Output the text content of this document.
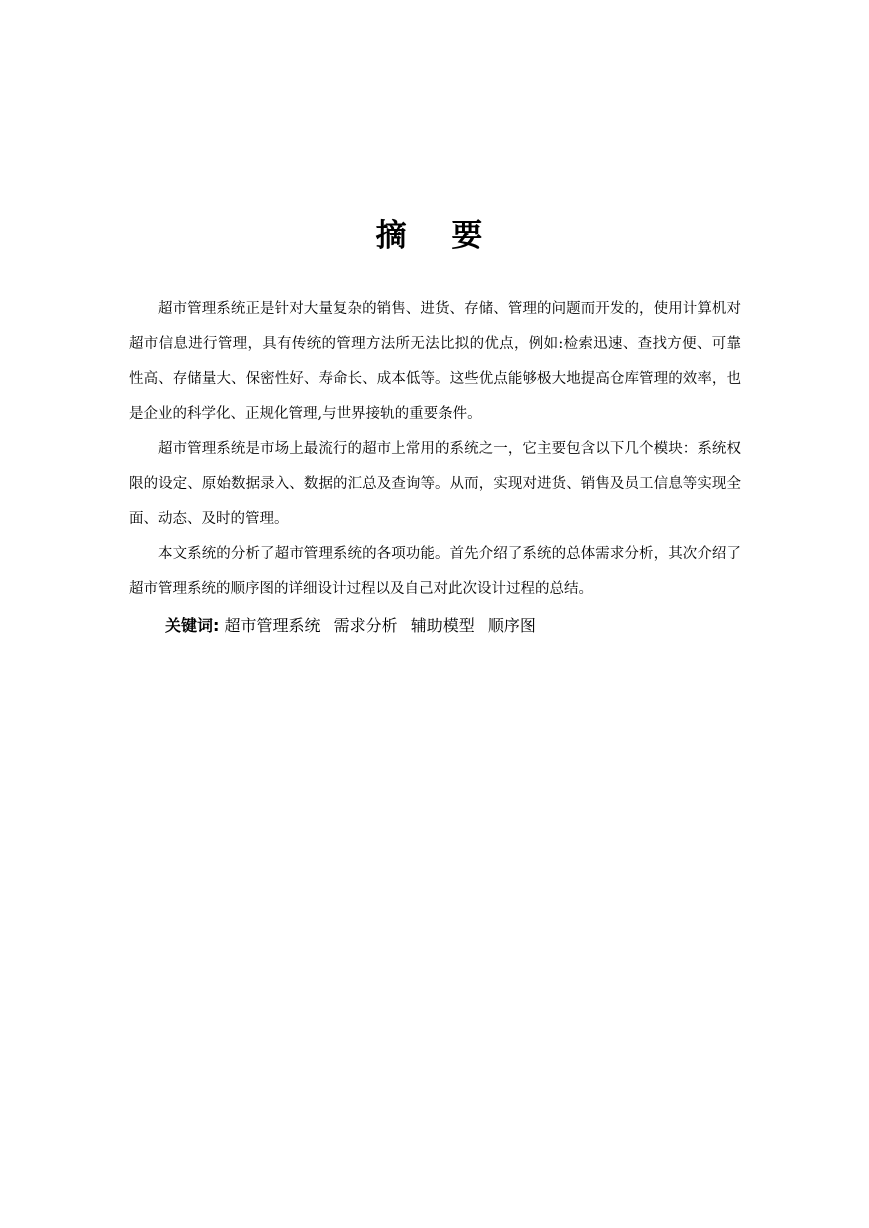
摘 要

超市管理系统正是针对大量复杂的销售、进货、存储、管理的问题而开发的，使用计算机对超市信息进行管理，具有传统的管理方法所无法比拟的优点，例如:检索迅速、查找方便、可靠性高、存储量大、保密性好、寿命长、成本低等。这些优点能够极大地提高仓库管理的效率，也是企业的科学化、正规化管理,与世界接轨的重要条件。

超市管理系统是市场上最流行的超市上常用的系统之一，它主要包含以下几个模块：系统权限的设定、原始数据录入、数据的汇总及查询等。从而，实现对进货、销售及员工信息等实现全面、动态、及时的管理。

本文系统的分析了超市管理系统的各项功能。首先介绍了系统的总体需求分析，其次介绍了超市管理系统的顺序图的详细设计过程以及自己对此次设计过程的总结。

关键词: 超市管理系统 需求分析 辅助模型 顺序图
